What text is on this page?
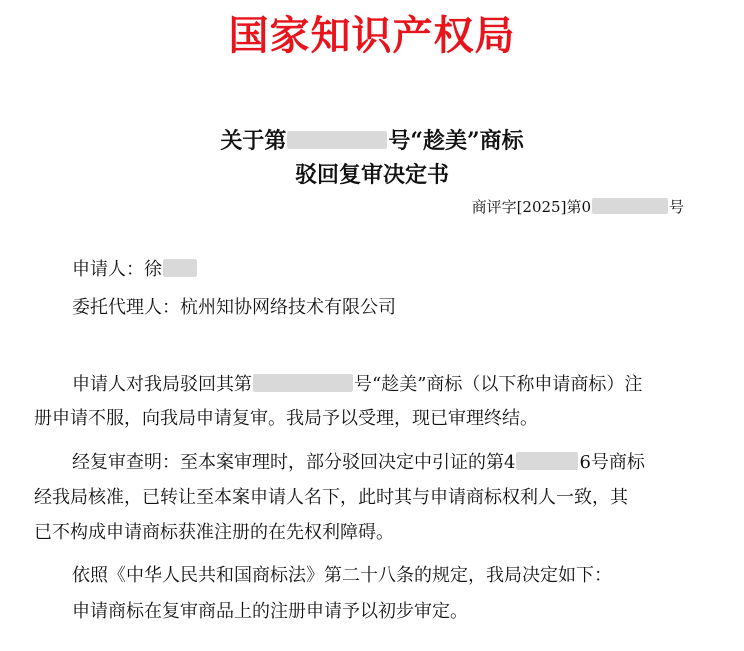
国家知识产权局
关于第	号“趁美”商标
驳回复审决定书
商评字[2025]第0	号
申请人：徐
委托代理人：杭州知协网络技术有限公司
申请人对我局驳回其第	号“趁美”商标（以下称申请商标）注
册申请不服，向我局申请复审。我局予以受理，现已审理终结。
经复审查明：至本案审理时，部分驳回决定中引证的第4	6号商标
经我局核准，已转让至本案申请人名下，此时其与申请商标权利人一致，其
已不构成申请商标获准注册的在先权利障碍。
依照《中华人民共和国商标法》第二十八条的规定，我局决定如下：
申请商标在复审商品上的注册申请予以初步审定。
